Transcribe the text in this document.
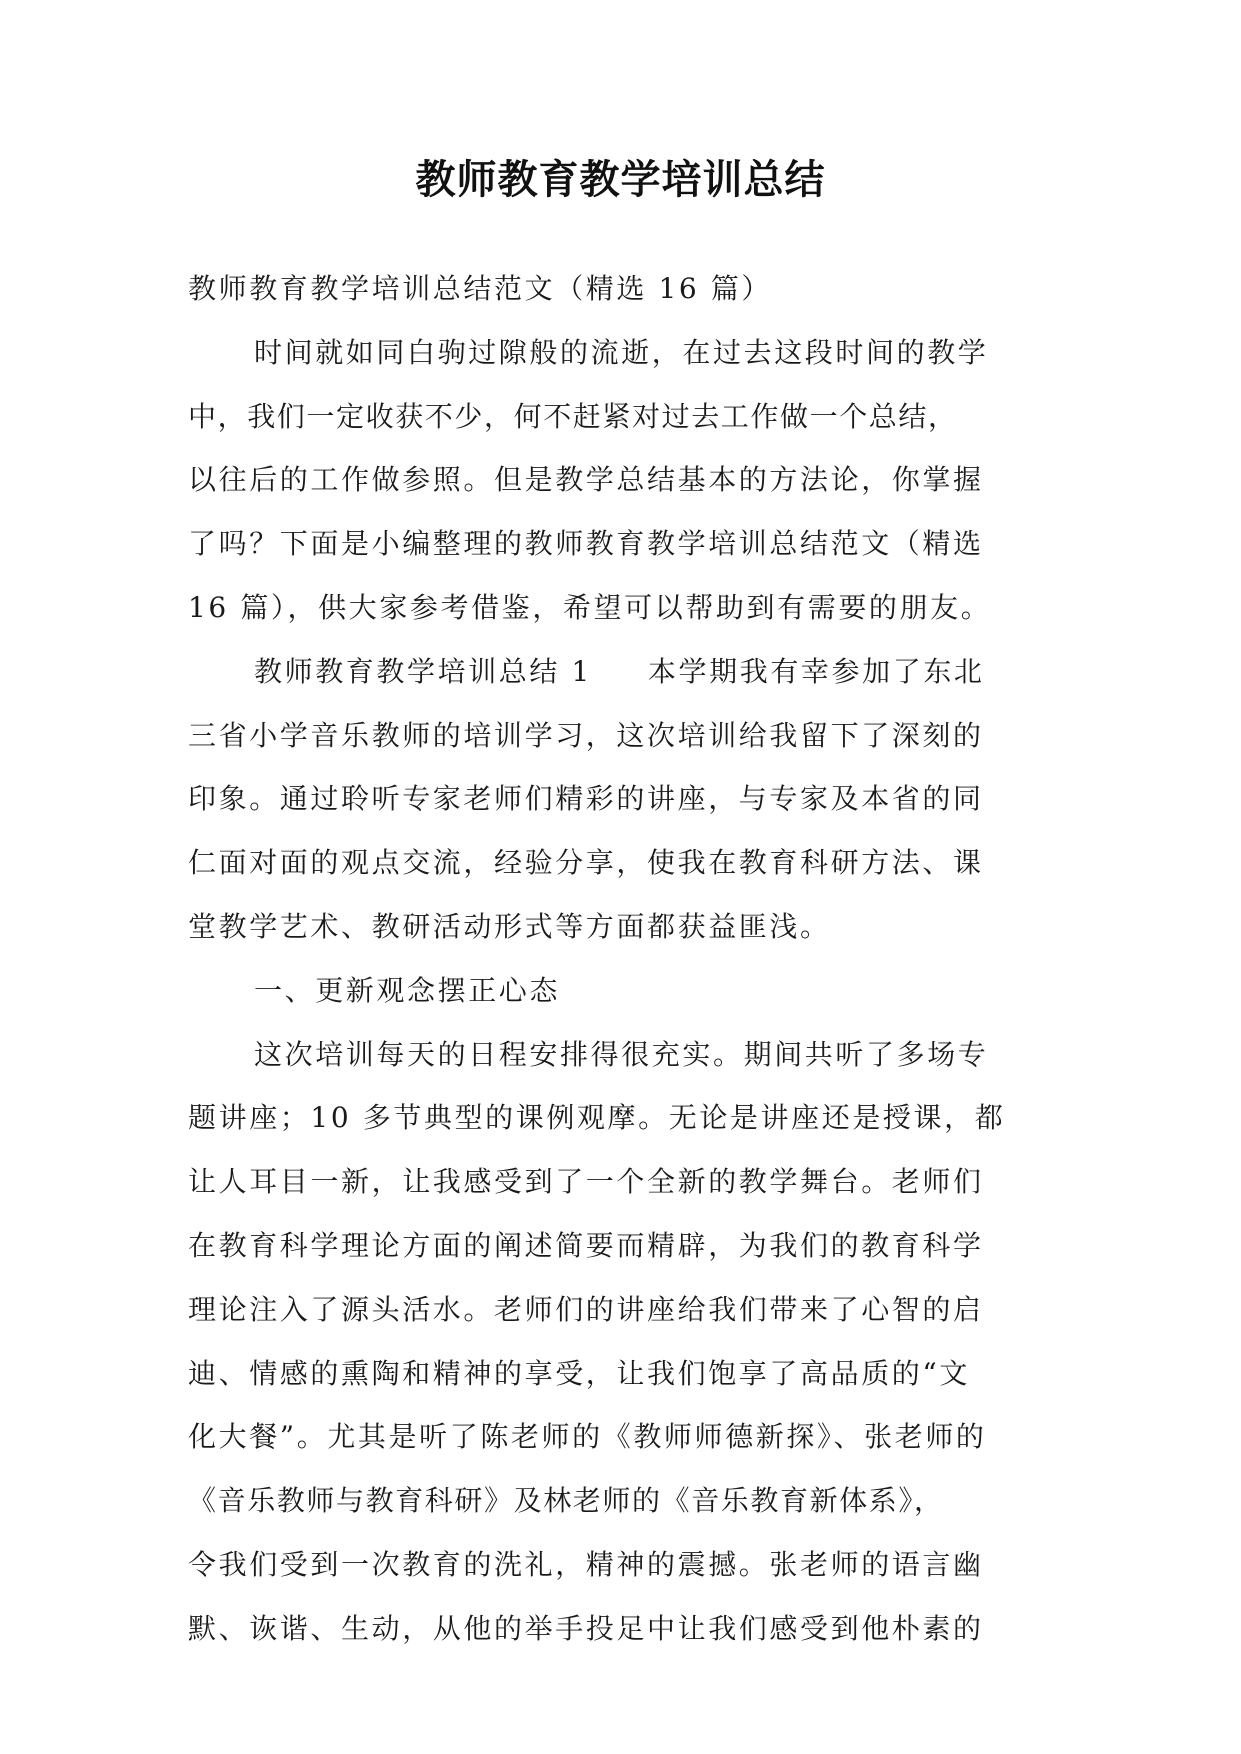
教师教育教学培训总结
教师教育教学培训总结范文（精选 16 篇）
时间就如同白驹过隙般的流逝，在过去这段时间的教学
中，我们一定收获不少，何不赶紧对过去工作做一个总结，
以往后的工作做参照。但是教学总结基本的方法论，你掌握
了吗？下面是小编整理的教师教育教学培训总结范文（精选
16 篇），供大家参考借鉴，希望可以帮助到有需要的朋友。
教师教育教学培训总结 1 本学期我有幸参加了东北
三省小学音乐教师的培训学习，这次培训给我留下了深刻的
印象。通过聆听专家老师们精彩的讲座，与专家及本省的同
仁面对面的观点交流，经验分享，使我在教育科研方法、课
堂教学艺术、教研活动形式等方面都获益匪浅。
一、更新观念摆正心态
这次培训每天的日程安排得很充实。期间共听了多场专
题讲座；10 多节典型的课例观摩。无论是讲座还是授课，都
让人耳目一新，让我感受到了一个全新的教学舞台。老师们
在教育科学理论方面的阐述简要而精辟，为我们的教育科学
理论注入了源头活水。老师们的讲座给我们带来了心智的启
迪、情感的熏陶和精神的享受，让我们饱享了高品质的“文
化大餐”。尤其是听了陈老师的《教师师德新探》、张老师的
《音乐教师与教育科研》及林老师的《音乐教育新体系》，
令我们受到一次教育的洗礼，精神的震撼。张老师的语言幽
默、诙谐、生动，从他的举手投足中让我们感受到他朴素的
